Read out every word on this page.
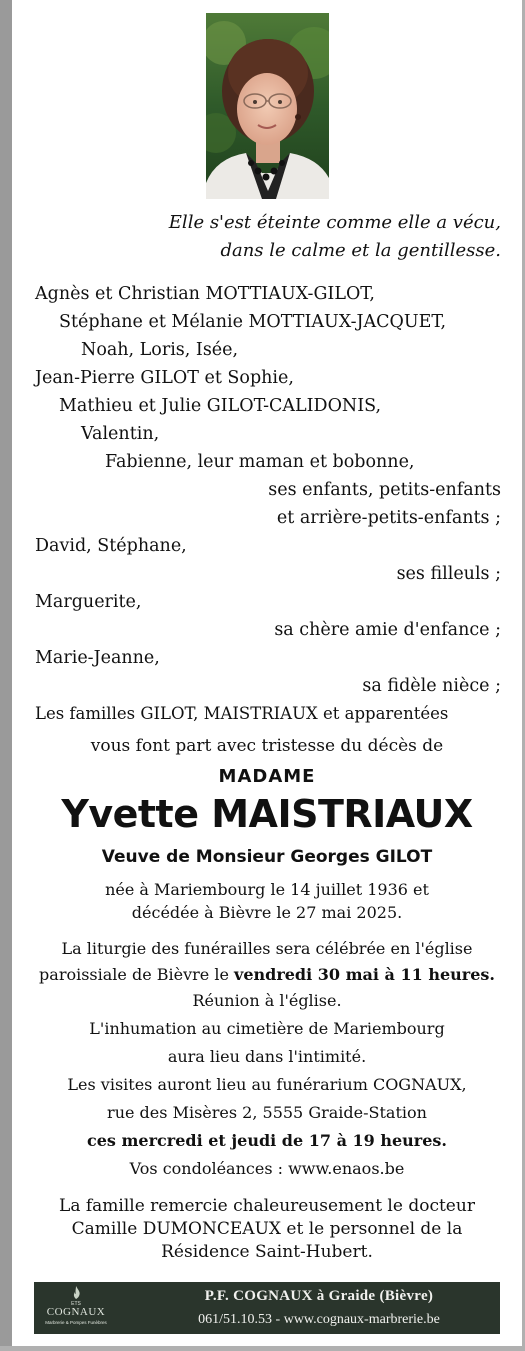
Elle s'est éteinte comme elle a vécu,
dans le calme et la gentillesse.
Agnès et Christian MOTTIAUX-GILOT,
Stéphane et Mélanie MOTTIAUX-JACQUET,
Noah, Loris, Isée,
Jean-Pierre GILOT et Sophie,
Mathieu et Julie GILOT-CALIDONIS,
Valentin,
Fabienne, leur maman et bobonne,
ses enfants, petits-enfants
et arrière-petits-enfants ;
David, Stéphane,
ses filleuls ;
Marguerite,
sa chère amie d'enfance ;
Marie-Jeanne,
sa fidèle nièce ;
Les familles GILOT, MAISTRIAUX et apparentées
vous font part avec tristesse du décès de
MADAME
Yvette MAISTRIAUX
Veuve de Monsieur Georges GILOT
née à Mariembourg le 14 juillet 1936 et
décédée à Bièvre le 27 mai 2025.
La liturgie des funérailles sera célébrée en l'église
paroissiale de Bièvre le vendredi 30 mai à 11 heures.
Réunion à l'église.
L'inhumation au cimetière de Mariembourg
aura lieu dans l'intimité.
Les visites auront lieu au funérarium COGNAUX,
rue des Misères 2, 5555 Graide-Station
ces mercredi et jeudi de 17 à 19 heures.
Vos condoléances : www.enaos.be
La famille remercie chaleureusement le docteur
Camille DUMONCEAUX et le personnel de la
Résidence Saint-Hubert.
ETS
COGNAUX
Marbrerie & Pompes Funèbres
P.F. COGNAUX à Graide (Bièvre)
061/51.10.53 - www.cognaux-marbrerie.be
